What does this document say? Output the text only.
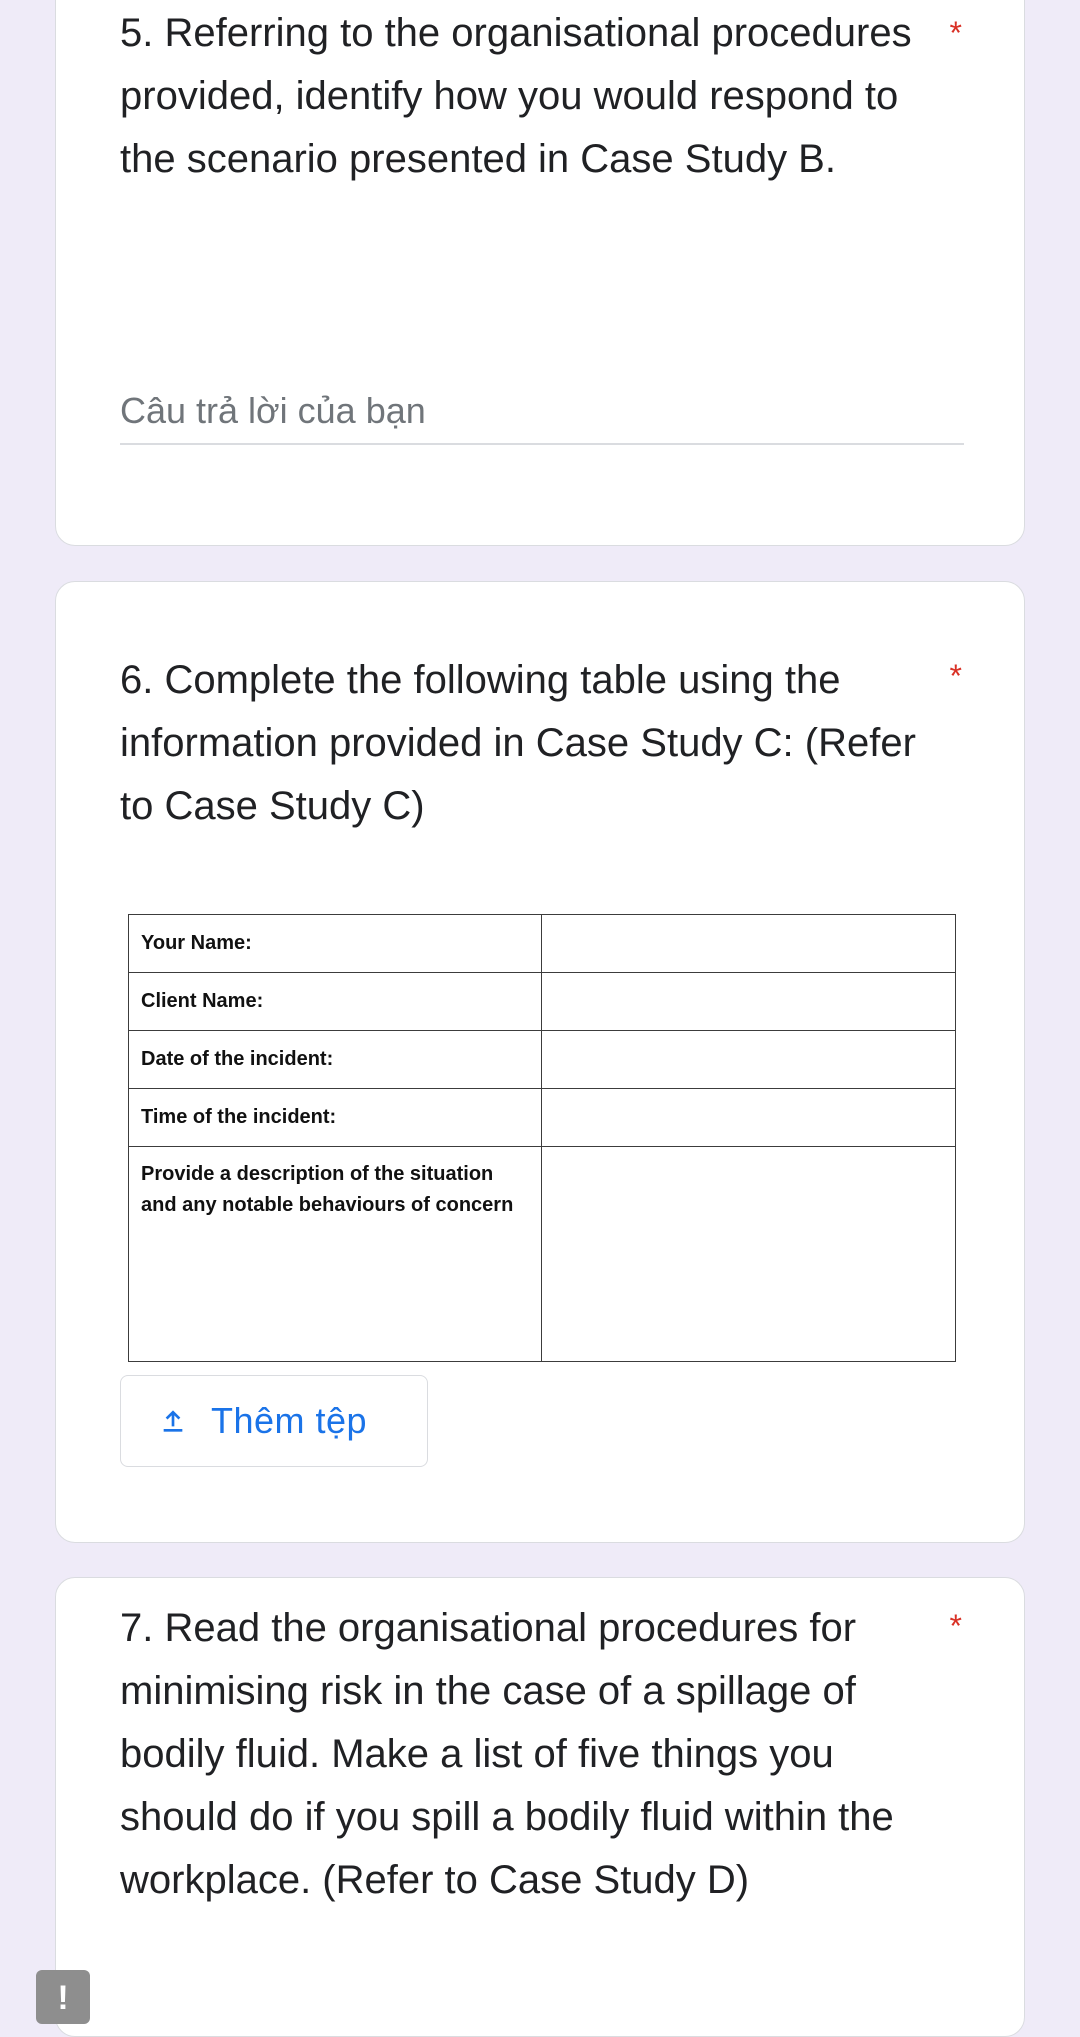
5. Referring to the organisational procedures provided, identify how you would respond to the scenario presented in Case Study B.
*
Câu trả lời của bạn
6. Complete the following table using the information provided in Case Study C: (Refer to Case Study C)
*
Your Name:	
Client Name:	
Date of the incident:	
Time of the incident:	
Provide a description of the situation and any notable behaviours of concern	
Thêm tệp
7. Read the organisational procedures for minimising risk in the case of a spillage of bodily fluid. Make a list of five things you should do if you spill a bodily fluid within the workplace. (Refer to Case Study D)
*
!
